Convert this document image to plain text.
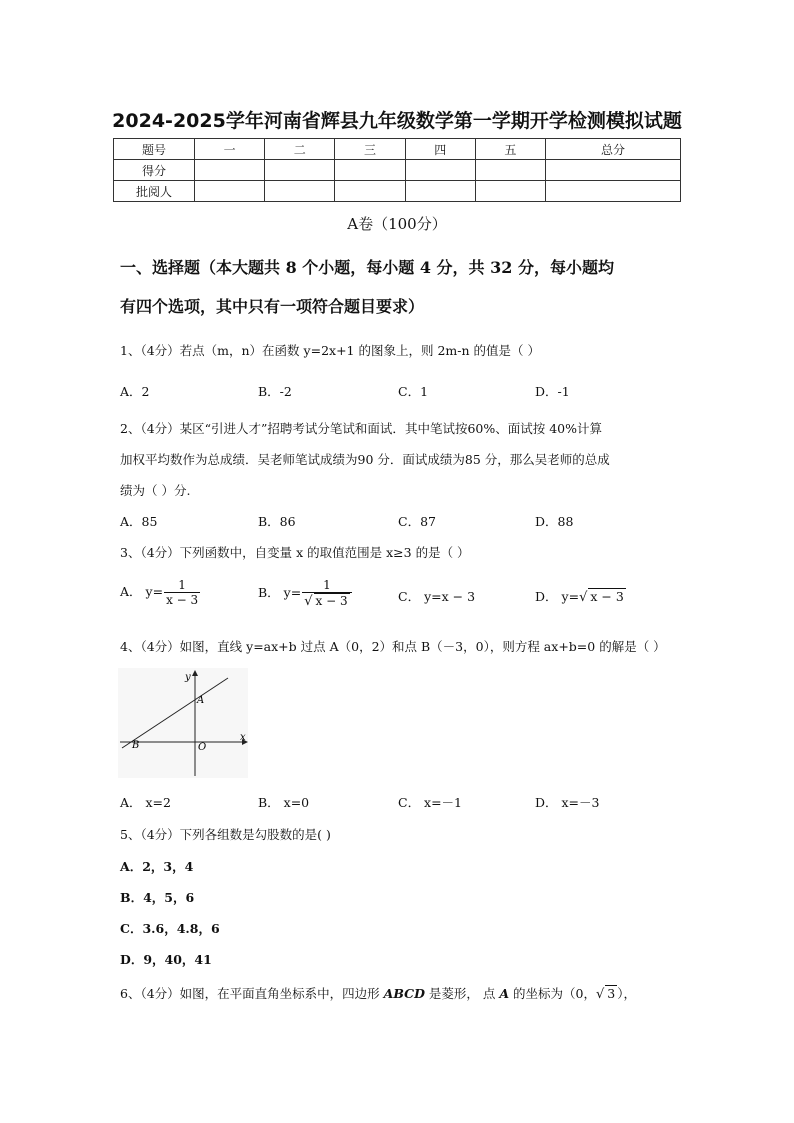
2024-2025学年河南省辉县九年级数学第一学期开学检测模拟试题
题号	一	二	三	四	五	总分
得分						
批阅人						
A卷（100分）
一、选择题（本大题共 8 个小题，每小题 4 分，共 32 分，每小题均
有四个选项，其中只有一项符合题目要求）
1、（4分）若点（m，n）在函数 y=2x+1 的图象上，则 2m-n 的值是（ ）
A．2	B．-2	C．1	D．-1
2、（4分）某区“引进人才”招聘考试分笔试和面试．其中笔试按60%、面试按 40%计算
加权平均数作为总成绩．吴老师笔试成绩为90 分．面试成绩为85 分，那么吴老师的总成
绩为（ ）分.
A．85	B．86	C．87	D．88
3、（4分）下列函数中，自变量 x 的取值范围是 x≥3 的是（ ）
A． $y= \frac{1}{x - 3}$	B． $y= \frac{1}{√ x - 3}$	C． y=x − 3	D． y=√ x − 3
4、（4分）如图，直线 y=ax+b 过点 A（0，2）和点 B（－3，0），则方程 ax+b=0 的解是（ ）
y
x
A
B	O
A． x=2	B． x=0	C． x=－1	D． x=－3
5、（4分）下列各组数是勾股数的是( )
A．2，3，4
B．4，5，6
C．3.6，4.8，6
D．9，40，41
6、（4分）如图，在平面直角坐标系中，四边形 ABCD 是菱形， 点 A 的坐标为（0，√ 3 ），
